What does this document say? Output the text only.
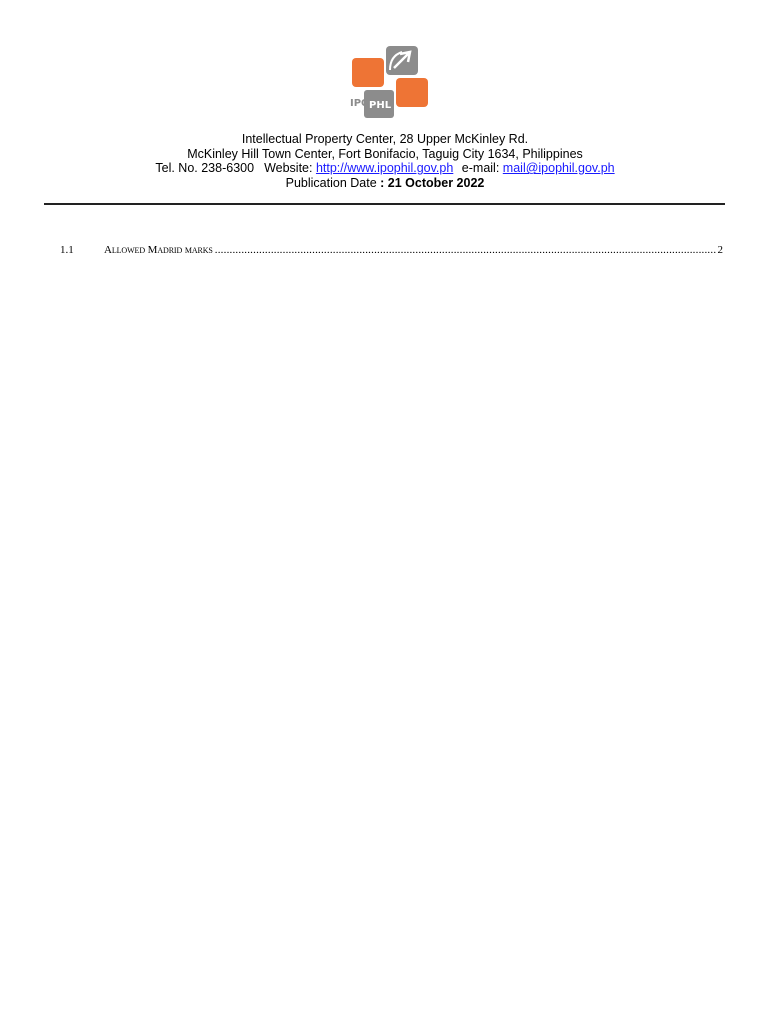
IPO PHL
Intellectual Property Center, 28 Upper McKinley Rd.
McKinley Hill Town Center, Fort Bonifacio, Taguig City 1634, Philippines
Tel. No. 238-6300 Website: http://www.ipophil.gov.ph e-mail: mail@ipophil.gov.ph
Publication Date : 21 October 2022
1.1	Allowed Madrid marks
.....	2
